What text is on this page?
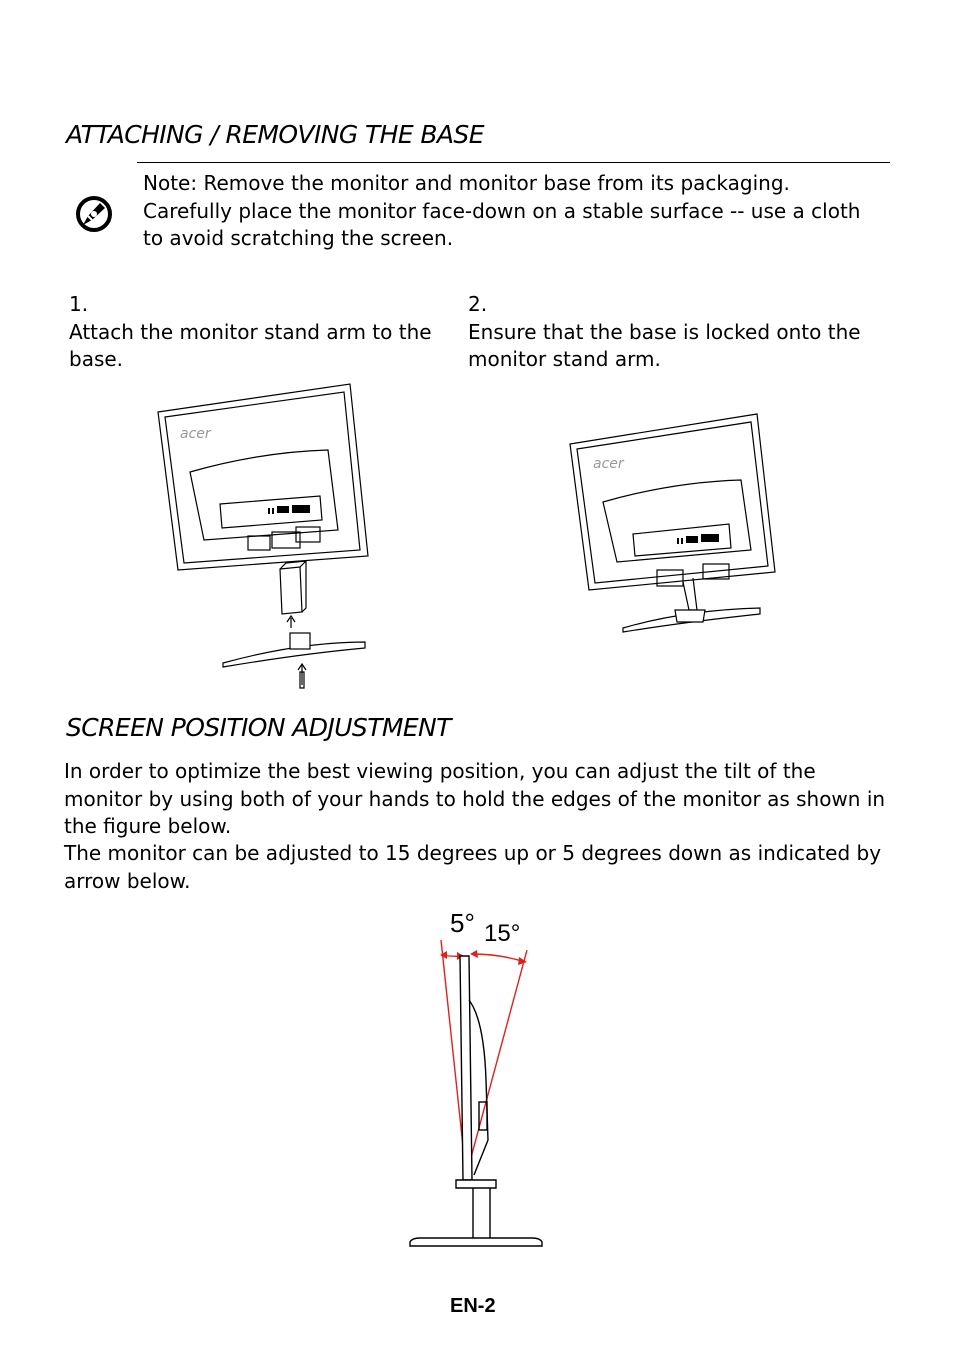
ATTACHING / REMOVING THE BASE
Note: Remove the monitor and monitor base from its packaging. Carefully place the monitor face-down on a stable surface -- use a cloth to avoid scratching the screen.
1.
Attach the monitor stand arm to the base.
2.
Ensure that the base is locked onto the monitor stand arm.
acer
acer
SCREEN POSITION ADJUSTMENT
In order to optimize the best viewing position, you can adjust the tilt of the monitor by using both of your hands to hold the edges of the monitor as shown in the figure below.
The monitor can be adjusted to 15 degrees up or 5 degrees down as indicated by arrow below.
5° 15°
EN-2
